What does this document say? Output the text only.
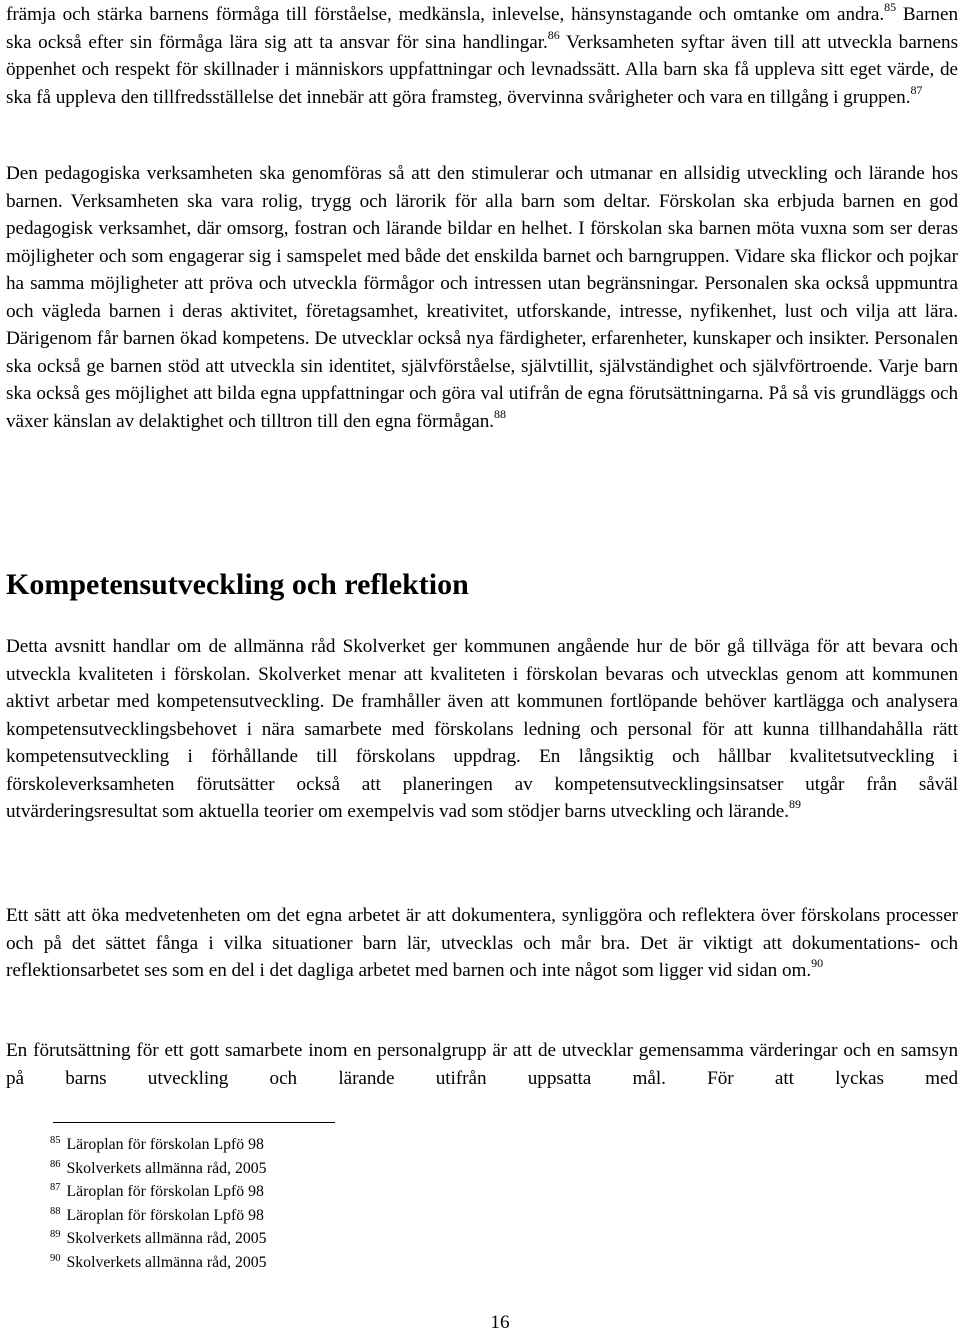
främja och stärka barnens förmåga till förståelse, medkänsla, inlevelse, hänsynstagande och omtanke om andra.$^{85}$ Barnen ska också efter sin förmåga lära sig att ta ansvar för sina handlingar.$^{86}$ Verksamheten syftar även till att utveckla barnens öppenhet och respekt för skillnader i människors uppfattningar och levnadssätt. Alla barn ska få uppleva sitt eget värde, de ska få uppleva den tillfredsställelse det innebär att göra framsteg, övervinna svårigheter och vara en tillgång i gruppen.$^{87}$

Den pedagogiska verksamheten ska genomföras så att den stimulerar och utmanar en allsidig utveckling och lärande hos barnen. Verksamheten ska vara rolig, trygg och lärorik för alla barn som deltar. Förskolan ska erbjuda barnen en god pedagogisk verksamhet, där omsorg, fostran och lärande bildar en helhet. I förskolan ska barnen möta vuxna som ser deras möjligheter och som engagerar sig i samspelet med både det enskilda barnet och barngruppen. Vidare ska flickor och pojkar ha samma möjligheter att pröva och utveckla förmågor och intressen utan begränsningar. Personalen ska också uppmuntra och vägleda barnen i deras aktivitet, företagsamhet, kreativitet, utforskande, intresse, nyfikenhet, lust och vilja att lära. Därigenom får barnen ökad kompetens. De utvecklar också nya färdigheter, erfarenheter, kunskaper och insikter. Personalen ska också ge barnen stöd att utveckla sin identitet, självförståelse, självtillit, självständighet och självförtroende. Varje barn ska också ges möjlighet att bilda egna uppfattningar och göra val utifrån de egna förutsättningarna. På så vis grundläggs och växer känslan av delaktighet och tilltron till den egna förmågan.$^{88}$

Kompetensutveckling och reflektion

Detta avsnitt handlar om de allmänna råd Skolverket ger kommunen angående hur de bör gå tillväga för att bevara och utveckla kvaliteten i förskolan. Skolverket menar att kvaliteten i förskolan bevaras och utvecklas genom att kommunen aktivt arbetar med kompetensutveckling. De framhåller även att kommunen fortlöpande behöver kartlägga och analysera kompetensutvecklingsbehovet i nära samarbete med förskolans ledning och personal för att kunna tillhandahålla rätt kompetensutveckling i förhållande till förskolans uppdrag. En långsiktig och hållbar kvalitetsutveckling i förskoleverksamheten förutsätter också att planeringen av kompetensutvecklingsinsatser utgår från såväl utvärderingsresultat som aktuella teorier om exempelvis vad som stödjer barns utveckling och lärande.$^{89}$

Ett sätt att öka medvetenheten om det egna arbetet är att dokumentera, synliggöra och reflektera över förskolans processer och på det sättet fånga i vilka situationer barn lär, utvecklas och mår bra. Det är viktigt att dokumentations- och reflektionsarbetet ses som en del i det dagliga arbetet med barnen och inte något som ligger vid sidan om.$^{90}$

En förutsättning för ett gott samarbete inom en personalgrupp är att de utvecklar gemensamma värderingar och en samsyn på barns utveckling och lärande utifrån uppsatta mål. För att lyckas med

$^{85}$ Läroplan för förskolan Lpfö 98
$^{86}$ Skolverkets allmänna råd, 2005
$^{87}$ Läroplan för förskolan Lpfö 98
$^{88}$ Läroplan för förskolan Lpfö 98
$^{89}$ Skolverkets allmänna råd, 2005
$^{90}$ Skolverkets allmänna råd, 2005
16
